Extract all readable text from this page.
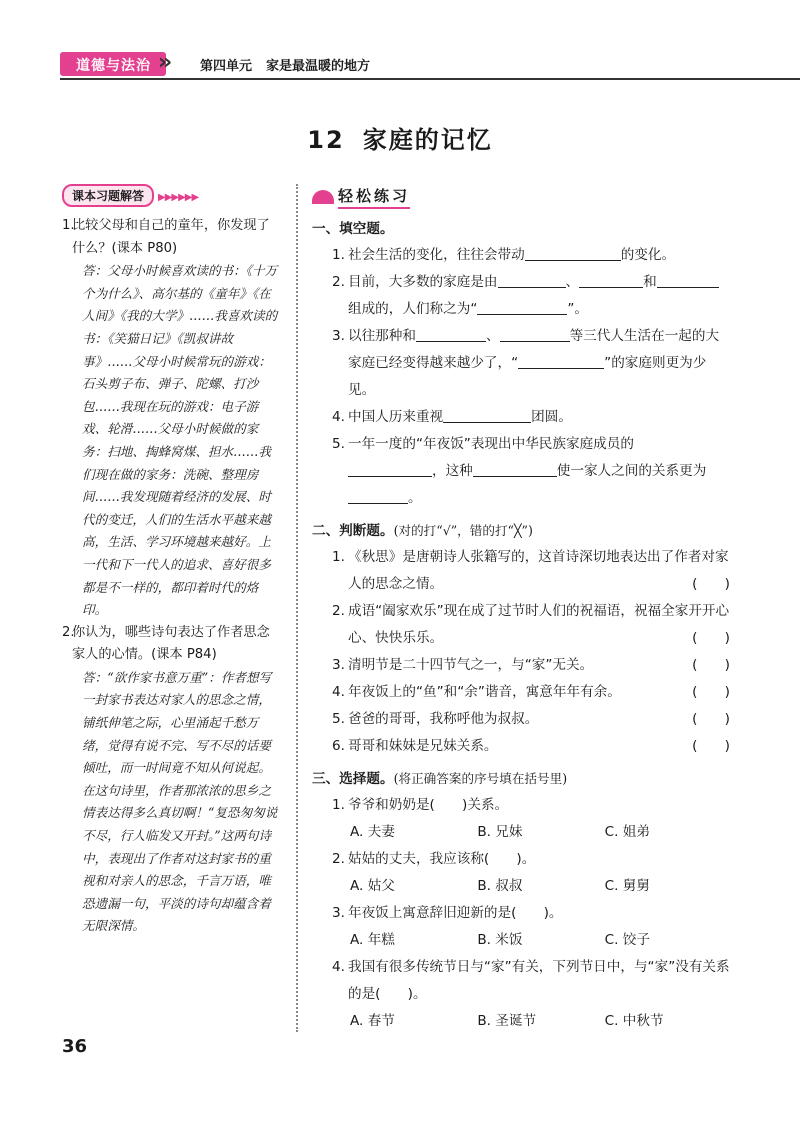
道德与法治 » 第四单元 家是最温暖的地方
12 家庭的记忆
课本习题解答 ▶▶▶▶▶▶
1.
比较父母和自己的童年，你发现了什么？(课本 P80)
答：父母小时候喜欢读的书：《十万个为什么》、高尔基的《童年》《在人间》《我的大学》……我喜欢读的书：《笑猫日记》《凯叔讲故事》……父母小时候常玩的游戏：石头剪子布、弹子、陀螺、打沙包……我现在玩的游戏：电子游戏、轮滑……父母小时候做的家务：扫地、掏蜂窝煤、担水……我们现在做的家务：洗碗、整理房间……我发现随着经济的发展、时代的变迁，人们的生活水平越来越高，生活、学习环境越来越好。上一代和下一代人的追求、喜好很多都是不一样的，都印着时代的烙印。
2.
你认为，哪些诗句表达了作者思念家人的心情。(课本 P84)
答：“欲作家书意万重”：作者想写一封家书表达对家人的思念之情，铺纸伸笔之际，心里涌起千愁万绪，觉得有说不完、写不尽的话要倾吐，而一时间竟不知从何说起。在这句诗里，作者那浓浓的思乡之情表达得多么真切啊！“复恐匆匆说不尽，行人临发又开封。”这两句诗中，表现出了作者对这封家书的重视和对亲人的思念，千言万语，唯恐遗漏一句，平淡的诗句却蕴含着无限深情。
轻松练习
一、填空题。
1. 社会生活的变化，往往会带动	的变化。
2. 目前，大多数的家庭是由	、	和
组成的，人们称之为“	”。
3. 以往那种和	、	等三代人生活在一起的大家庭已经变得越来越少了，“	”的家庭则更为少见。
4. 中国人历来重视	团圆。
5. 一年一度的“年夜饭”表现出中华民族家庭成员的
，这种	使一家人之间的关系更为。
二、判断题。(对的打“√”，错的打“╳”)
1. 《秋思》是唐朝诗人张籍写的，这首诗深切地表达出了作者对家人的思念之情。	(　　)
2. 成语“阖家欢乐”现在成了过节时人们的祝福语，祝福全家开开心心、快快乐乐。	(　　)
3. 清明节是二十四节气之一，与“家”无关。	(　　)
4. 年夜饭上的“鱼”和“余”谐音，寓意年年有余。	(　　)
5. 爸爸的哥哥，我称呼他为叔叔。	(　　)
6. 哥哥和妹妹是兄妹关系。	(　　)
三、选择题。(将正确答案的序号填在括号里)
1. 爷爷和奶奶是(　　)关系。
A. 夫妻	B. 兄妹	C. 姐弟
2. 姑姑的丈夫，我应该称(　　)。
A. 姑父	B. 叔叔	C. 舅舅
3. 年夜饭上寓意辞旧迎新的是(　　)。
A. 年糕	B. 米饭	C. 饺子
4. 我国有很多传统节日与“家”有关，下列节日中，与“家”没有关系的是(　　)。
A. 春节	B. 圣诞节	C. 中秋节
36
